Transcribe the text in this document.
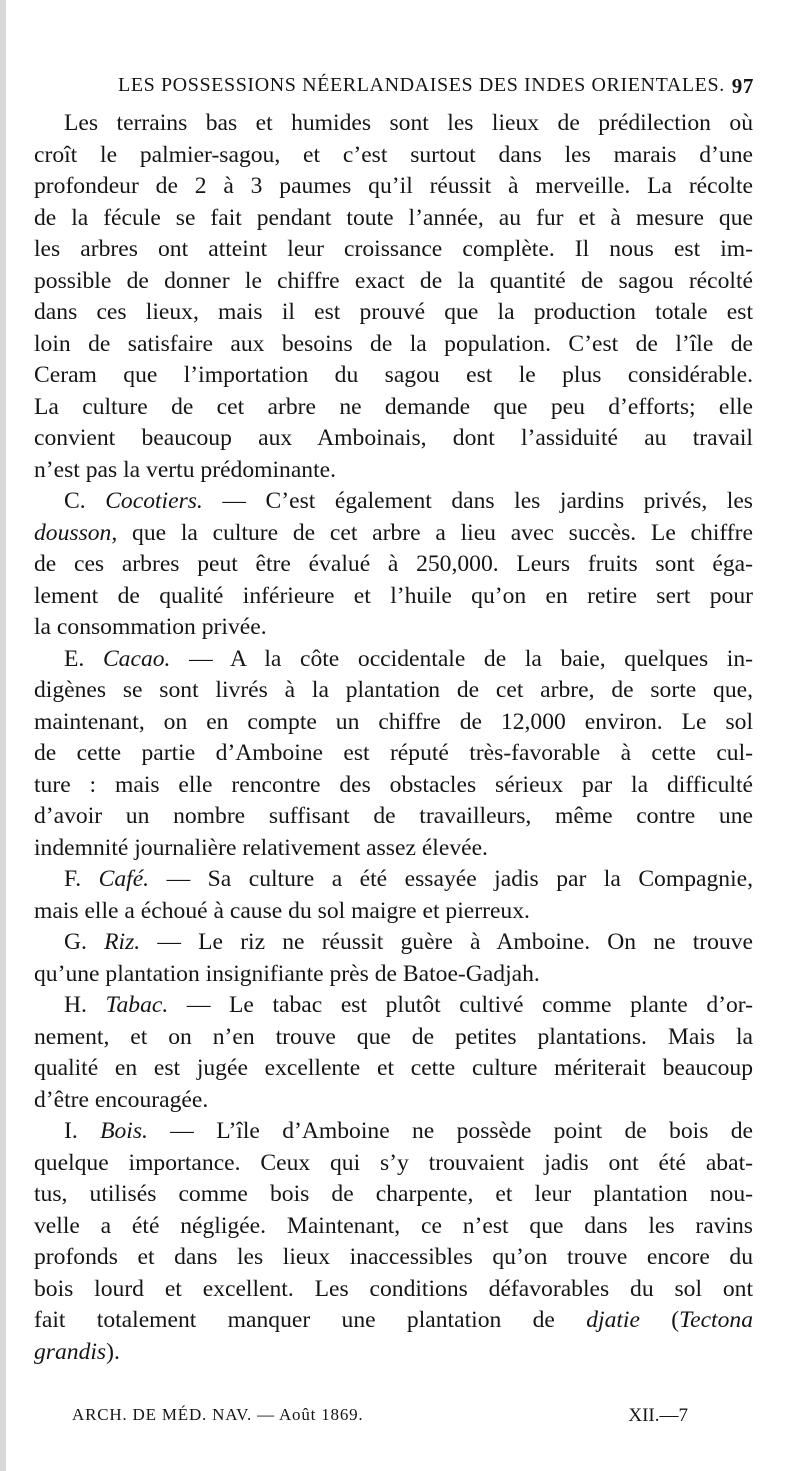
LES POSSESSIONS NÉERLANDAISES DES INDES ORIENTALES. 97
Les terrains bas et humides sont les lieux de prédilection où
croît le palmier-sagou, et c’est surtout dans les marais d’une
profondeur de 2 à 3 paumes qu’il réussit à merveille. La récolte
de la fécule se fait pendant toute l’année, au fur et à mesure que
les arbres ont atteint leur croissance complète. Il nous est im-
possible de donner le chiffre exact de la quantité de sagou récolté
dans ces lieux, mais il est prouvé que la production totale est
loin de satisfaire aux besoins de la population. C’est de l’île de
Ceram que l’importation du sagou est le plus considérable.
La culture de cet arbre ne demande que peu d’efforts; elle
convient beaucoup aux Amboinais, dont l’assiduité au travail
n’est pas la vertu prédominante.
C. Cocotiers. — C’est également dans les jardins privés, les
dousson, que la culture de cet arbre a lieu avec succès. Le chiffre
de ces arbres peut être évalué à 250,000. Leurs fruits sont éga-
lement de qualité inférieure et l’huile qu’on en retire sert pour
la consommation privée.
E. Cacao. — A la côte occidentale de la baie, quelques in-
digènes se sont livrés à la plantation de cet arbre, de sorte que,
maintenant, on en compte un chiffre de 12,000 environ. Le sol
de cette partie d’Amboine est réputé très-favorable à cette cul-
ture : mais elle rencontre des obstacles sérieux par la difficulté
d’avoir un nombre suffisant de travailleurs, même contre une
indemnité journalière relativement assez élevée.
F. Café. — Sa culture a été essayée jadis par la Compagnie,
mais elle a échoué à cause du sol maigre et pierreux.
G. Riz. — Le riz ne réussit guère à Amboine. On ne trouve
qu’une plantation insignifiante près de Batoe-Gadjah.
H. Tabac. — Le tabac est plutôt cultivé comme plante d’or-
nement, et on n’en trouve que de petites plantations. Mais la
qualité en est jugée excellente et cette culture mériterait beaucoup
d’être encouragée.
I. Bois. — L’île d’Amboine ne possède point de bois de
quelque importance. Ceux qui s’y trouvaient jadis ont été abat-
tus, utilisés comme bois de charpente, et leur plantation nou-
velle a été négligée. Maintenant, ce n’est que dans les ravins
profonds et dans les lieux inaccessibles qu’on trouve encore du
bois lourd et excellent. Les conditions défavorables du sol ont
fait totalement manquer une plantation de djatie (Tectona
grandis).
ARCH. DE MÉD. NAV. — Août 1869.	XII.—7
